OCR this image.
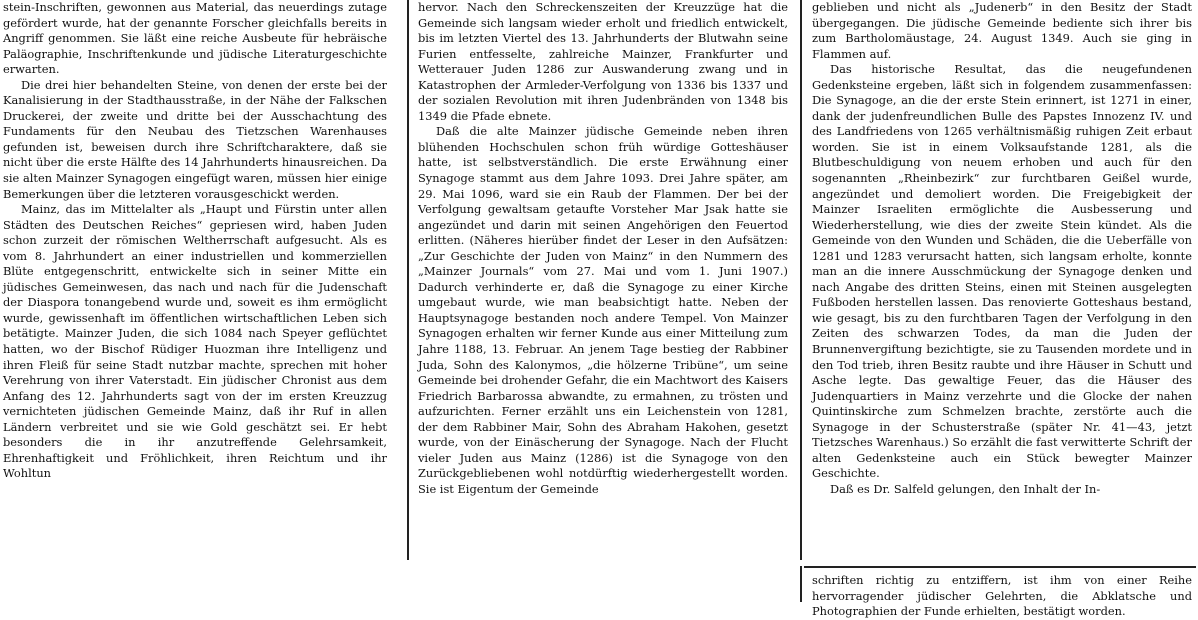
stein-Inschriften, gewonnen aus Material, das neuerdings zutage gefördert wurde, hat der genannte Forscher gleichfalls bereits in Angriff genommen. Sie läßt eine reiche Ausbeute für hebräische Paläographie, Inschriftenkunde und jüdische Literaturgeschichte erwarten.

Die drei hier behandelten Steine, von denen der erste bei der Kanalisierung in der Stadthausstraße, in der Nähe der Falkschen Druckerei, der zweite und dritte bei der Ausschachtung des Fundaments für den Neubau des Tietzschen Warenhauses gefunden ist, beweisen durch ihre Schriftcharaktere, daß sie nicht über die erste Hälfte des 14 Jahrhunderts hinausreichen. Da sie alten Mainzer Synagogen eingefügt waren, müssen hier einige Bemerkungen über die letzteren vorausgeschickt werden.

Mainz, das im Mittelalter als „Haupt und Fürstin unter allen Städten des Deutschen Reiches“ gepriesen wird, haben Juden schon zurzeit der römischen Weltherrschaft aufgesucht. Als es vom 8. Jahrhundert an einer industriellen und kommerziellen Blüte entgegenschritt, entwickelte sich in seiner Mitte ein jüdisches Gemeinwesen, das nach und nach für die Judenschaft der Diaspora tonangebend wurde und, soweit es ihm ermöglicht wurde, gewissenhaft im öffentlichen wirtschaftlichen Leben sich betätigte. Mainzer Juden, die sich 1084 nach Speyer geflüchtet hatten, wo der Bischof Rüdiger Huozman ihre Intelligenz und ihren Fleiß für seine Stadt nutzbar machte, sprechen mit hoher Verehrung von ihrer Vaterstadt. Ein jüdischer Chronist aus dem Anfang des 12. Jahrhunderts sagt von der im ersten Kreuzzug vernichteten jüdischen Gemeinde Mainz, daß ihr Ruf in allen Ländern verbreitet und sie wie Gold geschätzt sei. Er hebt besonders die in ihr anzutreffende Gelehrsamkeit, Ehrenhaftigkeit und Fröhlichkeit, ihren Reichtum und ihr Wohltun

hervor. Nach den Schreckenszeiten der Kreuzzüge hat die Gemeinde sich langsam wieder erholt und friedlich entwickelt, bis im letzten Viertel des 13. Jahrhunderts der Blutwahn seine Furien entfesselte, zahlreiche Mainzer, Frankfurter und Wetterauer Juden 1286 zur Auswanderung zwang und in Katastrophen der Armleder-Verfolgung von 1336 bis 1337 und der sozialen Revolution mit ihren Judenbränden von 1348 bis 1349 die Pfade ebnete.

Daß die alte Mainzer jüdische Gemeinde neben ihren blühenden Hochschulen schon früh würdige Gotteshäuser hatte, ist selbstverständlich. Die erste Erwähnung einer Synagoge stammt aus dem Jahre 1093. Drei Jahre später, am 29. Mai 1096, ward sie ein Raub der Flammen. Der bei der Verfolgung gewaltsam getaufte Vorsteher Mar Jsak hatte sie angezündet und darin mit seinen Angehörigen den Feuertod erlitten. (Näheres hierüber findet der Leser in den Aufsätzen: „Zur Geschichte der Juden von Mainz“ in den Nummern des „Mainzer Journals“ vom 27. Mai und vom 1. Juni 1907.) Dadurch verhinderte er, daß die Synagoge zu einer Kirche umgebaut wurde, wie man beabsichtigt hatte. Neben der Hauptsynagoge bestanden noch andere Tempel. Von Mainzer Synagogen erhalten wir ferner Kunde aus einer Mitteilung zum Jahre 1188, 13. Februar. An jenem Tage bestieg der Rabbiner Juda, Sohn des Kalonymos, „die hölzerne Tribüne“, um seine Gemeinde bei drohender Gefahr, die ein Machtwort des Kaisers Friedrich Barbarossa abwandte, zu ermahnen, zu trösten und aufzurichten. Ferner erzählt uns ein Leichenstein von 1281, der dem Rabbiner Mair, Sohn des Abraham Hakohen, gesetzt wurde, von der Einäscherung der Synagoge. Nach der Flucht vieler Juden aus Mainz (1286) ist die Synagoge von den Zurückgebliebenen wohl notdürftig wiederhergestellt worden. Sie ist Eigentum der Gemeinde

geblieben und nicht als „Judenerb“ in den Besitz der Stadt übergegangen. Die jüdische Gemeinde bediente sich ihrer bis zum Bartholomäustage, 24. August 1349. Auch sie ging in Flammen auf.

Das historische Resultat, das die neugefundenen Gedenksteine ergeben, läßt sich in folgendem zusammenfassen: Die Synagoge, an die der erste Stein erinnert, ist 1271 in einer, dank der judenfreundlichen Bulle des Papstes Innozenz IV. und des Landfriedens von 1265 verhältnismäßig ruhigen Zeit erbaut worden. Sie ist in einem Volksaufstande 1281, als die Blutbeschuldigung von neuem erhoben und auch für den sogenannten „Rheinbezirk“ zur furchtbaren Geißel wurde, angezündet und demoliert worden. Die Freigebigkeit der Mainzer Israeliten ermöglichte die Ausbesserung und Wiederherstellung, wie dies der zweite Stein kündet. Als die Gemeinde von den Wunden und Schäden, die die Ueberfälle von 1281 und 1283 verursacht hatten, sich langsam erholte, konnte man an die innere Ausschmückung der Synagoge denken und nach Angabe des dritten Steins, einen mit Steinen ausgelegten Fußboden herstellen lassen. Das renovierte Gotteshaus bestand, wie gesagt, bis zu den furchtbaren Tagen der Verfolgung in den Zeiten des schwarzen Todes, da man die Juden der Brunnenvergiftung bezichtigte, sie zu Tausenden mordete und in den Tod trieb, ihren Besitz raubte und ihre Häuser in Schutt und Asche legte. Das gewaltige Feuer, das die Häuser des Judenquartiers in Mainz verzehrte und die Glocke der nahen Quintinskirche zum Schmelzen brachte, zerstörte auch die Synagoge in der Schusterstraße (später Nr. 41—43, jetzt Tietzsches Warenhaus.) So erzählt die fast verwitterte Schrift der alten Gedenksteine auch ein Stück bewegter Mainzer Geschichte.

Daß es Dr. Salfeld gelungen, den Inhalt der In-

schriften richtig zu entziffern, ist ihm von einer Reihe hervorragender jüdischer Gelehrten, die Abklatsche und Photographien der Funde erhielten, bestätigt worden.
